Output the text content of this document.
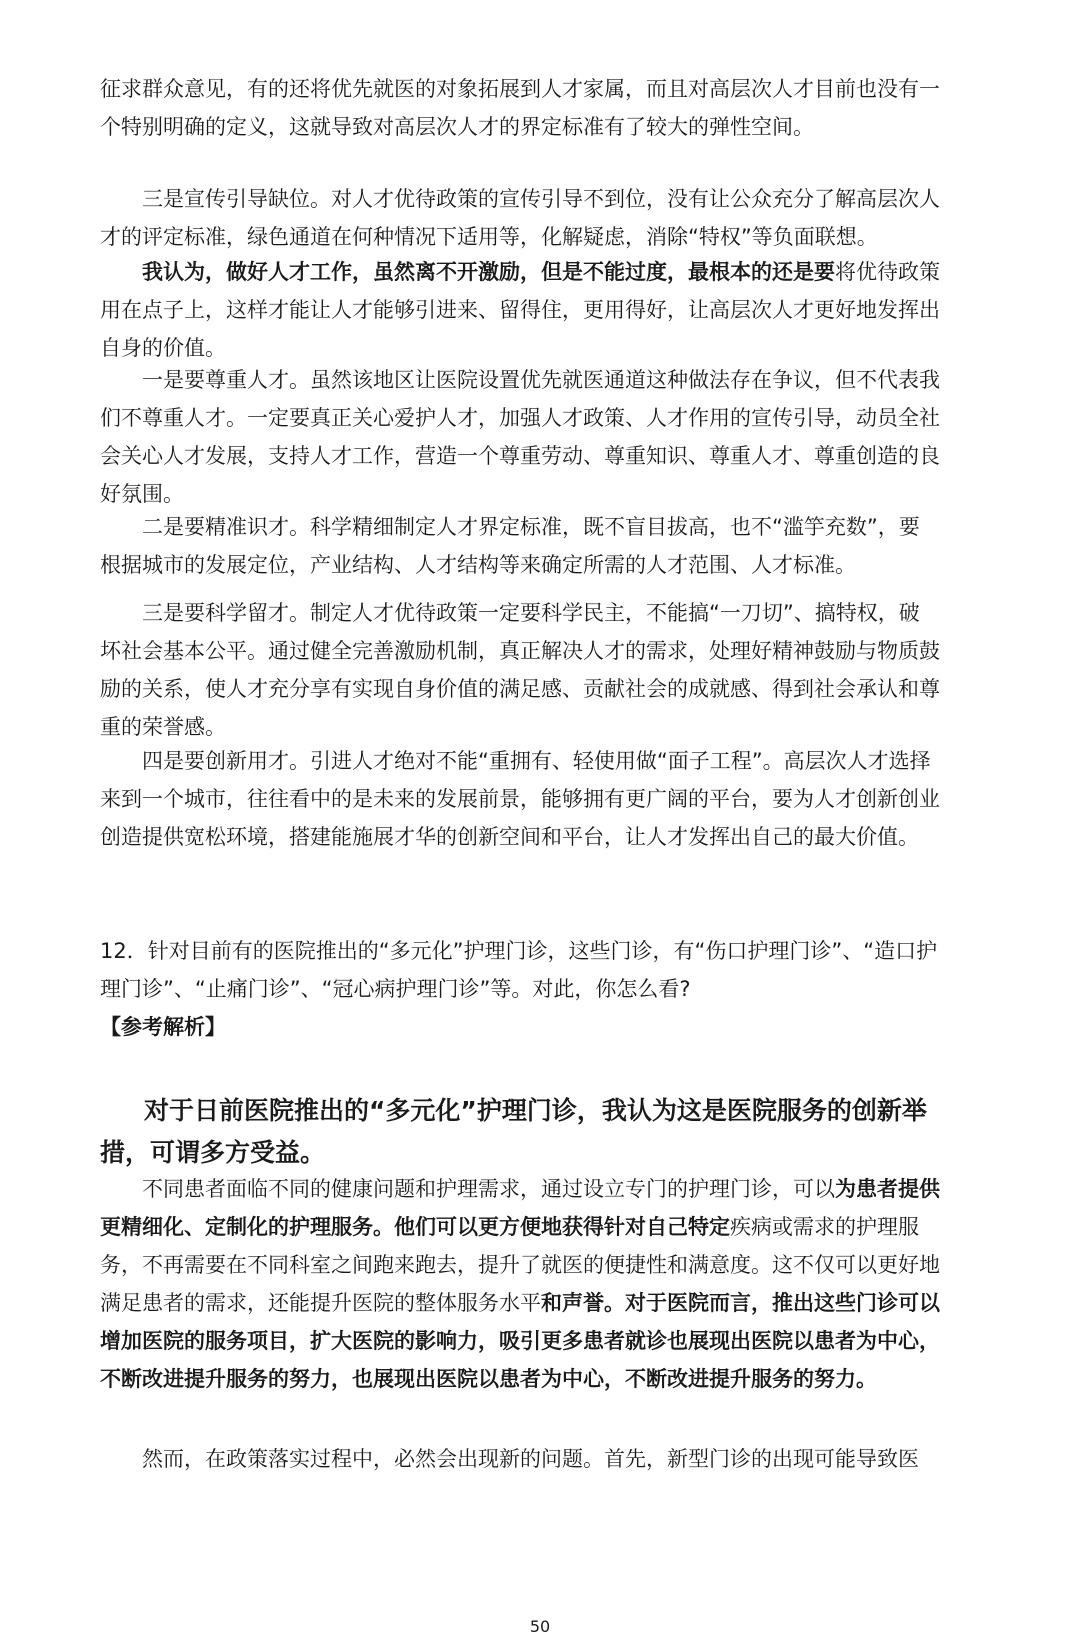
征求群众意见，有的还将优先就医的对象拓展到人才家属，而且对高层次人才目前也没有一个特别明确的定义，这就导致对高层次人才的界定标准有了较大的弹性空间。

三是宣传引导缺位。对人才优待政策的宣传引导不到位，没有让公众充分了解高层次人才的评定标准，绿色通道在何种情况下适用等，化解疑虑，消除“特权”等负面联想。

我认为，做好人才工作，虽然离不开激励，但是不能过度，最根本的还是要将优待政策用在点子上，这样才能让人才能够引进来、留得住，更用得好，让高层次人才更好地发挥出自身的价值。

一是要尊重人才。虽然该地区让医院设置优先就医通道这种做法存在争议，但不代表我们不尊重人才。一定要真正关心爱护人才，加强人才政策、人才作用的宣传引导，动员全社会关心人才发展，支持人才工作，营造一个尊重劳动、尊重知识、尊重人才、尊重创造的良好氛围。

二是要精准识才。科学精细制定人才界定标准，既不盲目拔高，也不“滥竽充数”，要根据城市的发展定位，产业结构、人才结构等来确定所需的人才范围、人才标准。

三是要科学留才。制定人才优待政策一定要科学民主，不能搞“一刀切”、搞特权，破坏社会基本公平。通过健全完善激励机制，真正解决人才的需求，处理好精神鼓励与物质鼓励的关系，使人才充分享有实现自身价值的满足感、贡献社会的成就感、得到社会承认和尊重的荣誉感。

四是要创新用才。引进人才绝对不能“重拥有、轻使用做“面子工程”。高层次人才选择来到一个城市，往往看中的是未来的发展前景，能够拥有更广阔的平台，要为人才创新创业创造提供宽松环境，搭建能施展才华的创新空间和平台，让人才发挥出自己的最大价值。

12．针对目前有的医院推出的“多元化”护理门诊，这些门诊，有“伤口护理门诊”、“造口护理门诊”、“止痛门诊”、“冠心病护理门诊”等。对此，你怎么看?

【参考解析】

对于日前医院推出的“多元化”护理门诊，我认为这是医院服务的创新举措，可谓多方受益。

不同患者面临不同的健康问题和护理需求，通过设立专门的护理门诊，可以为患者提供更精细化、定制化的护理服务。他们可以更方便地获得针对自己特定疾病或需求的护理服务，不再需要在不同科室之间跑来跑去，提升了就医的便捷性和满意度。这不仅可以更好地满足患者的需求，还能提升医院的整体服务水平和声誉。对于医院而言，推出这些门诊可以增加医院的服务项目，扩大医院的影响力，吸引更多患者就诊也展现出医院以患者为中心，不断改进提升服务的努力，也展现出医院以患者为中心，不断改进提升服务的努力。

然而，在政策落实过程中，必然会出现新的问题。首先，新型门诊的出现可能导致医

50
